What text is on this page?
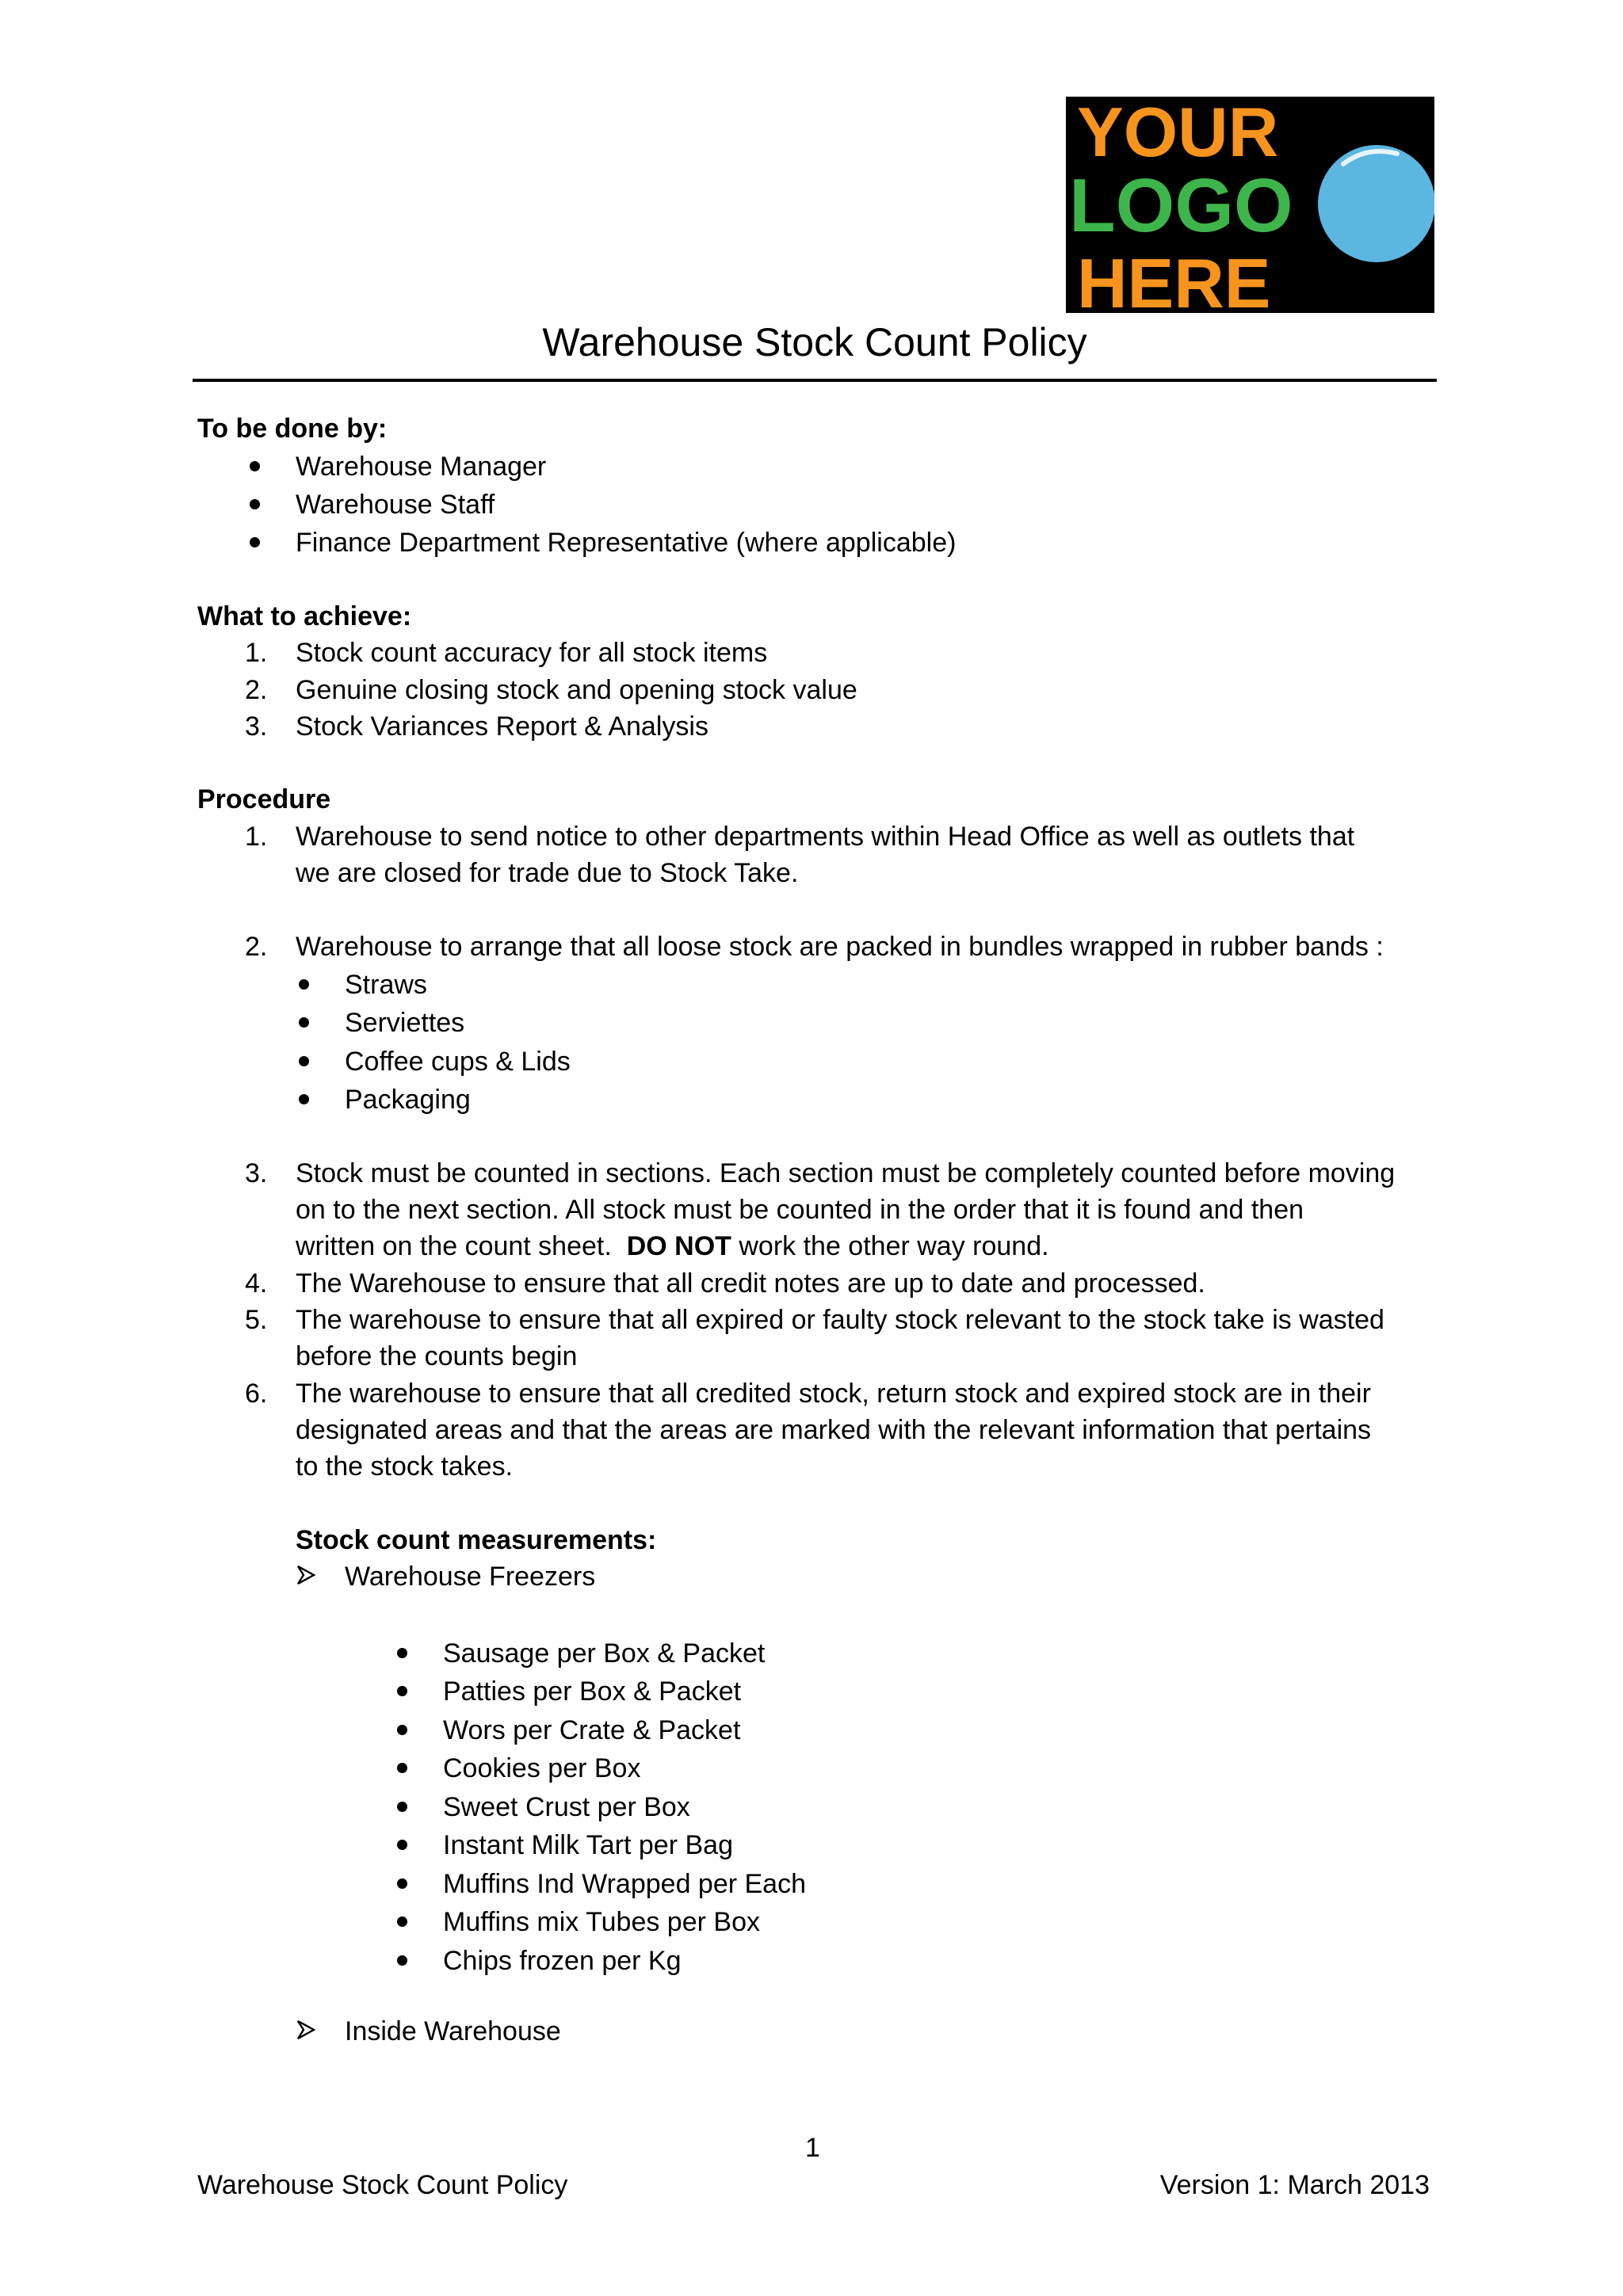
YOUR
LOGO
HERE
Warehouse Stock Count Policy
To be done by:
Warehouse Manager
Warehouse Staff
Finance Department Representative (where applicable)
What to achieve:
1. Stock count accuracy for all stock items
2. Genuine closing stock and opening stock value
3. Stock Variances Report & Analysis
Procedure
1. Warehouse to send notice to other departments within Head Office as well as outlets that
we are closed for trade due to Stock Take.
2. Warehouse to arrange that all loose stock are packed in bundles wrapped in rubber bands :
Straws
Serviettes
Coffee cups & Lids
Packaging
3. Stock must be counted in sections. Each section must be completely counted before moving
on to the next section. All stock must be counted in the order that it is found and then
written on the count sheet.  DO NOT work the other way round.
4. The Warehouse to ensure that all credit notes are up to date and processed.
5. The warehouse to ensure that all expired or faulty stock relevant to the stock take is wasted
before the counts begin
6. The warehouse to ensure that all credited stock, return stock and expired stock are in their
designated areas and that the areas are marked with the relevant information that pertains
to the stock takes.
Stock count measurements:
Warehouse Freezers
Sausage per Box & Packet
Patties per Box & Packet
Wors per Crate & Packet
Cookies per Box
Sweet Crust per Box
Instant Milk Tart per Bag
Muffins Ind Wrapped per Each
Muffins mix Tubes per Box
Chips frozen per Kg
Inside Warehouse
1
Warehouse Stock Count Policy	Version 1: March 2013
